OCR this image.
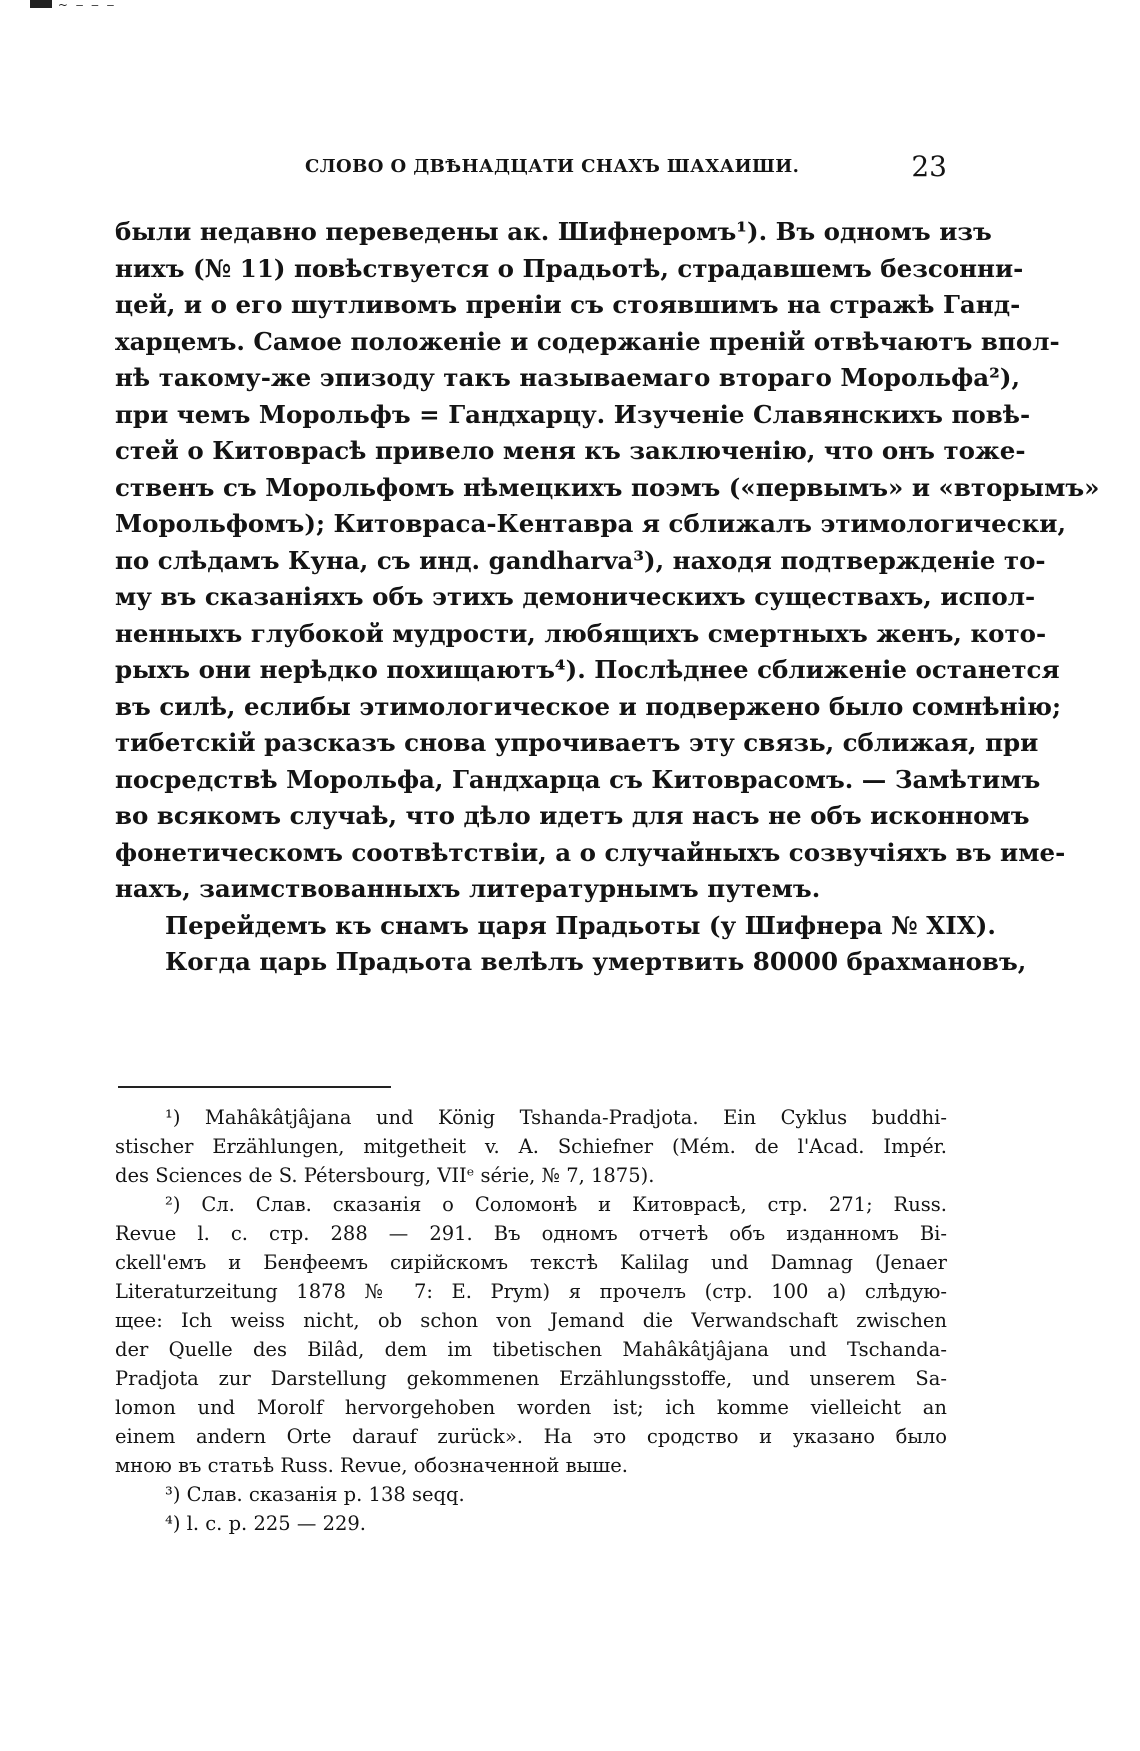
~ ‒ ‒ ‒
СЛОВО О ДВѢНАДЦАТИ СНАХЪ ШАХАИШИ.	23
были недавно переведены ак. Шифнеромъ¹). Въ одномъ изъ
нихъ (№ 11) повѣствуется о Прадьотѣ, страдавшемъ безсонни-
цей, и о его шутливомъ преніи съ стоявшимъ на стражѣ Ганд-
харцемъ. Самое положеніе и содержаніе преній отвѣчаютъ впол-
нѣ такому-же эпизоду такъ называемаго втораго Морольфа²),
при чемъ Морольфъ = Гандхарцу. Изученіе Славянскихъ повѣ-
стей о Китоврасѣ привело меня къ заключенію, что онъ тоже-
ственъ съ Морольфомъ нѣмецкихъ поэмъ («первымъ» и «вторымъ»
Морольфомъ); Китовраса-Кентавра я сближалъ этимологически,
по слѣдамъ Куна, съ инд. gandharva³), находя подтвержденіе то-
му въ сказаніяхъ объ этихъ демоническихъ существахъ, испол-
ненныхъ глубокой мудрости, любящихъ смертныхъ женъ, кото-
рыхъ они нерѣдко похищаютъ⁴). Послѣднее сближеніе останется
въ силѣ, еслибы этимологическое и подвержено было сомнѣнію;
тибетскій разсказъ снова упрочиваетъ эту связь, сближая, при
посредствѣ Морольфа, Гандхарца съ Китоврасомъ. — Замѣтимъ
во всякомъ случаѣ, что дѣло идетъ для насъ не объ исконномъ
фонетическомъ соотвѣтствіи, а о случайныхъ созвучіяхъ въ име-
нахъ, заимствованныхъ литературнымъ путемъ.
Перейдемъ къ снамъ царя Прадьоты (у Шифнера № XIX).
Когда царь Прадьота велѣлъ умертвить 80000 брахмановъ,
¹) Mahâkâtjâjana und König Tshanda-Pradjota. Ein Cyklus buddhi-
stischer Erzählungen, mitgetheit v. A. Schiefner (Mém. de l'Acad. Impér.
des Sciences de S. Pétersbourg, VIIᵉ série, № 7, 1875).
²) Сл. Слав. сказанія о Соломонѣ и Китоврасѣ, стр. 271; Russ.
Revue l. c. стр. 288 — 291. Въ одномъ отчетѣ объ изданномъ Bi-
ckell'емъ и Бенфеемъ сирійскомъ текстѣ Kalilag und Damnag (Jenaer
Literaturzeitung 1878 № 7: E. Prym) я прочелъ (стр. 100 a) слѣдую-
щее: Ich weiss nicht, ob schon von Jemand die Verwandschaft zwischen
der Quelle des Bilâd, dem im tibetischen Mahâkâtjâjana und Tschanda-
Pradjota zur Darstellung gekommenen Erzählungsstoffe, und unserem Sa-
lomon und Morolf hervorgehoben worden ist; ich komme vielleicht an
einem andern Orte darauf zurück». На это сродство и указано было
мною въ статьѣ Russ. Revue, обозначенной выше.
³) Слав. сказанія p. 138 seqq.
⁴) l. c. p. 225 — 229.
